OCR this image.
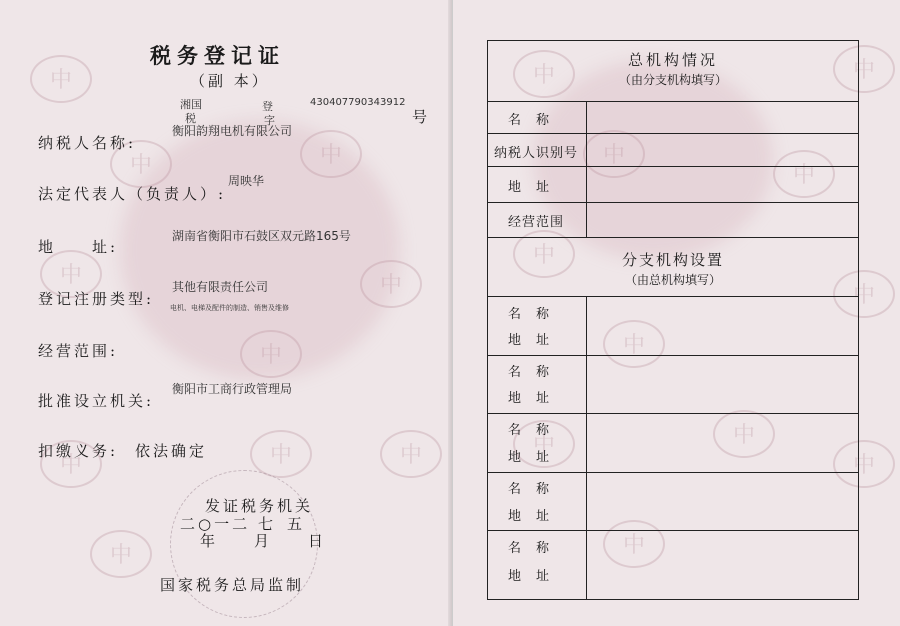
中
中
中
中
中
中
中
中
中
中
税务登记证
（副 本）
湘国
税
登
字
430407790343912
号
纳税人名称:
衡阳韵翔电机有限公司
法定代表人（负责人）:
周映华
地　　址:
湖南省衡阳市石鼓区双元路165号
登记注册类型:
其他有限责任公司
电机、电梯及配件的制造、销售及维修
经营范围:
批准设立机关:
衡阳市工商行政管理局
扣缴义务: 依法确定
发证税务机关
二○一二 七 五
年　　月　　日
国家税务总局监制
中
中
中
中
中
中
中
中
中
中
中
总机构情况
（由分支机构填写）
名　称
纳税人识别号
地　址
经营范围
分支机构设置
（由总机构填写）
名　称
地　址
名　称
地　址
名　称
地　址
名　称
地　址
名　称
地　址
